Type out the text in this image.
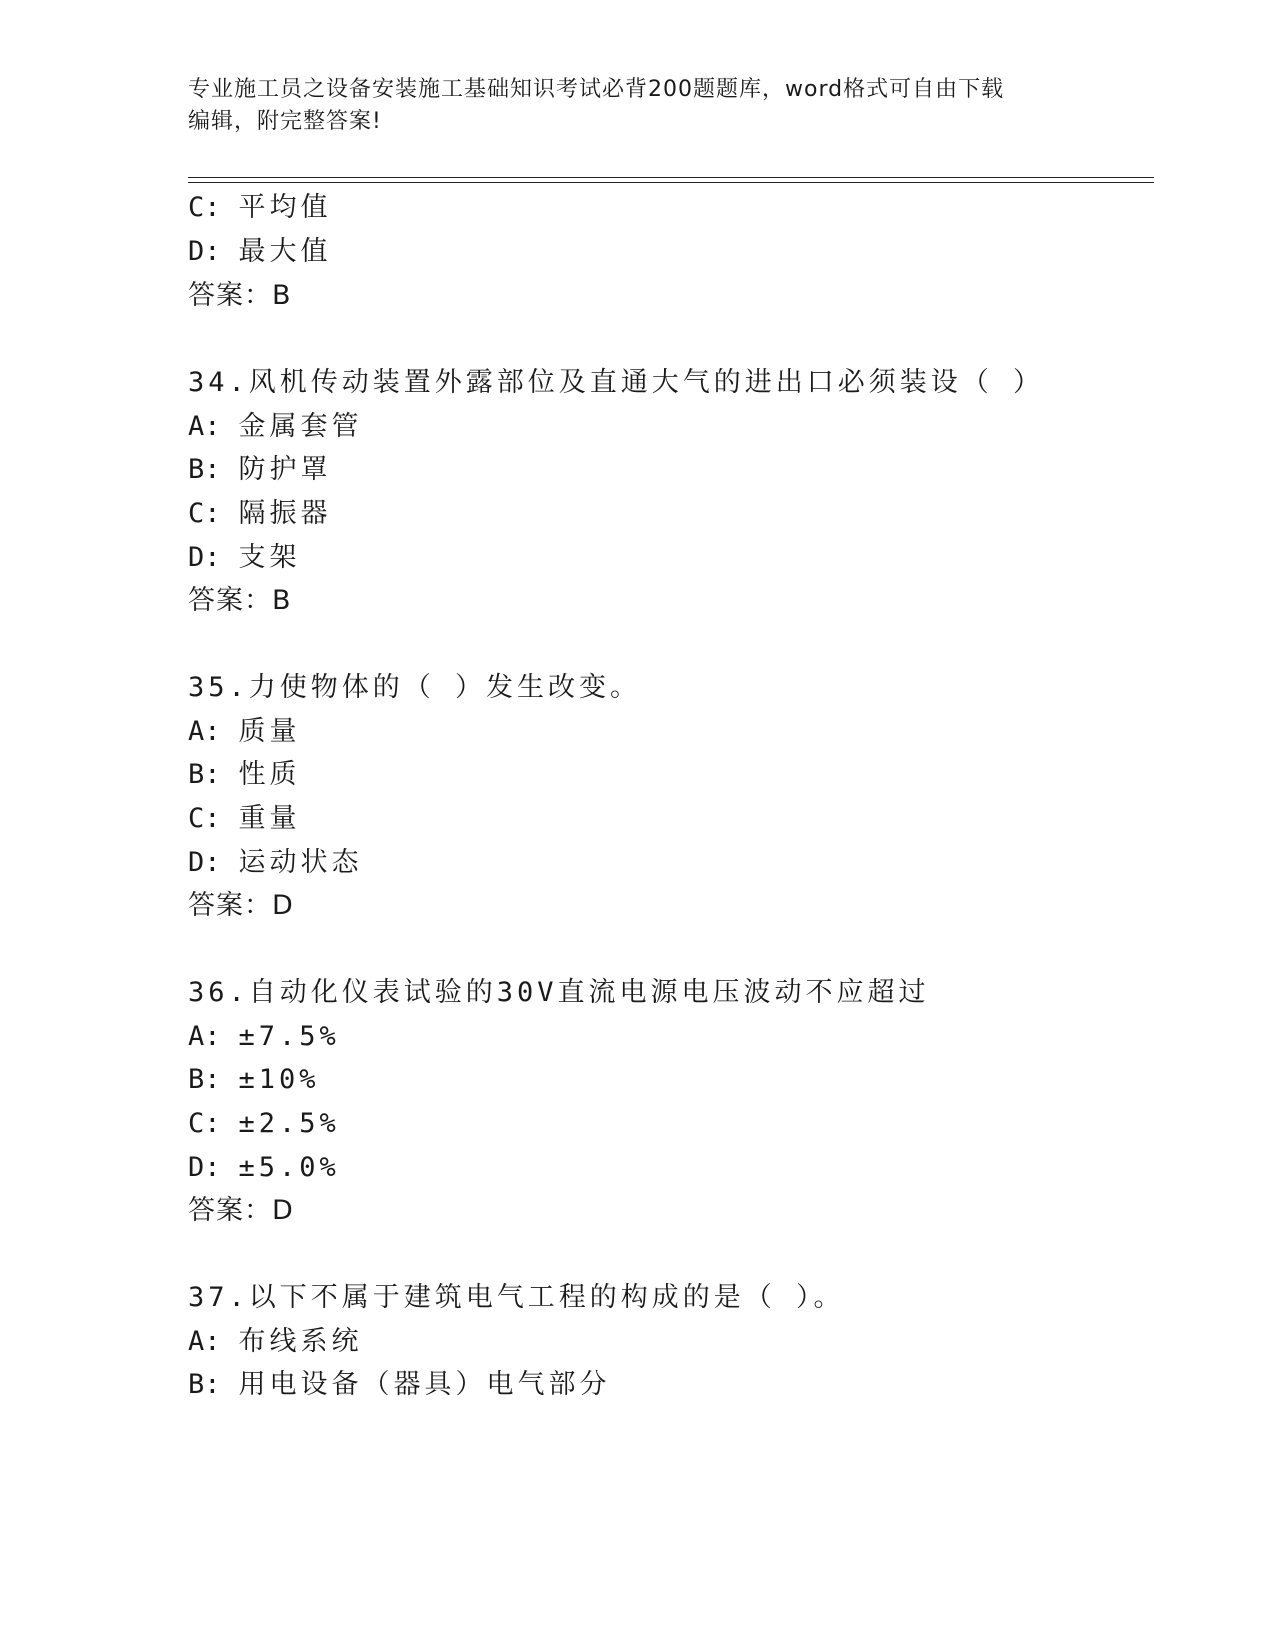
专业施工员之设备安装施工基础知识考试必背200题题库，word格式可自由下载
编辑，附完整答案!
C: 平均值
D: 最大值
答案：B
34.风机传动装置外露部位及直通大气的进出口必须装设（ ）
A: 金属套管
B: 防护罩
C: 隔振器
D: 支架
答案：B
35.力使物体的（ ）发生改变。
A: 质量
B: 性质
C: 重量
D: 运动状态
答案：D
36.自动化仪表试验的30V直流电源电压波动不应超过
A: ±7.5%
B: ±10%
C: ±2.5%
D: ±5.0%
答案：D
37.以下不属于建筑电气工程的构成的是（ ）。
A: 布线系统
B: 用电设备（器具）电气部分
